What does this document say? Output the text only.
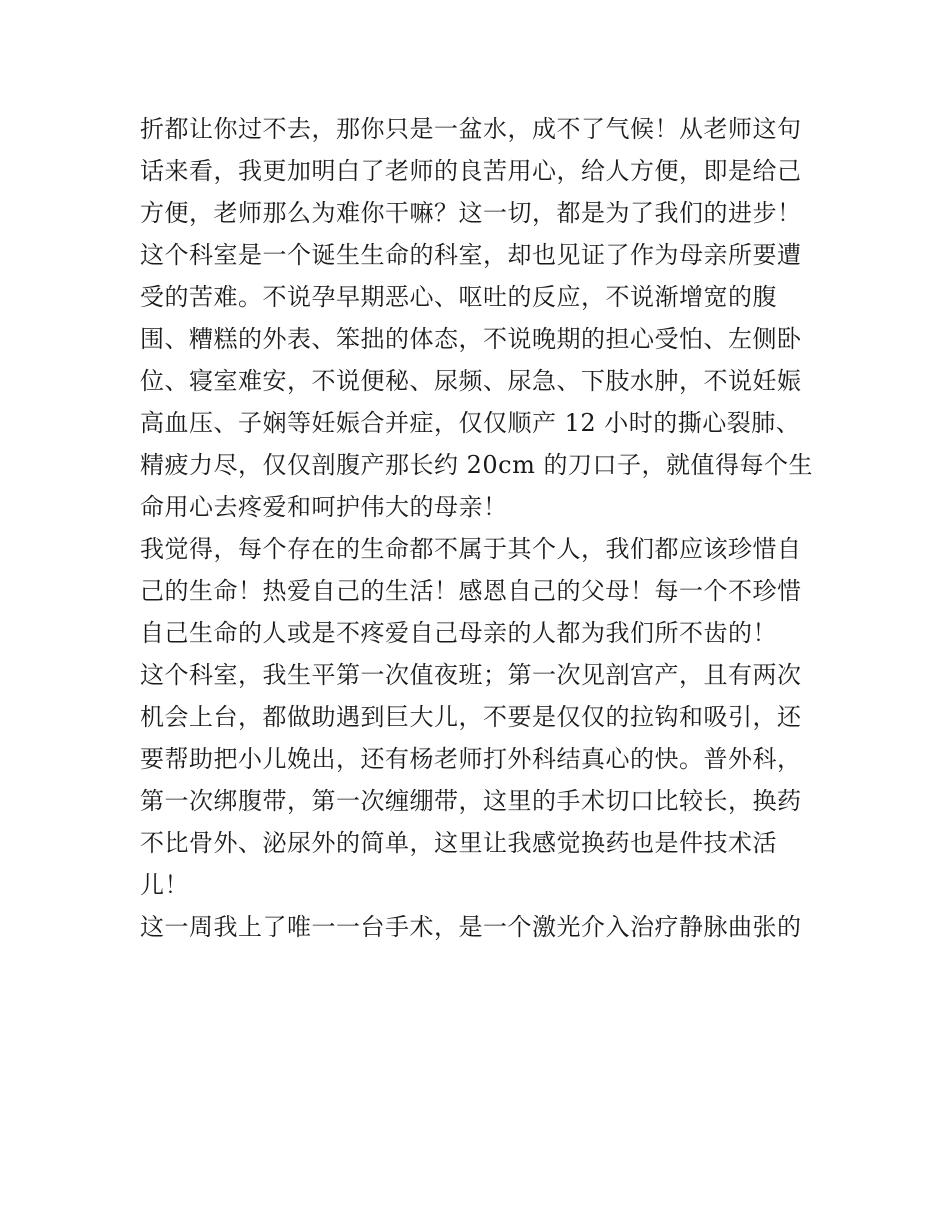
折都让你过不去，那你只是一盆水，成不了气候！从老师这句

话来看，我更加明白了老师的良苦用心，给人方便，即是给己

方便，老师那么为难你干嘛？这一切，都是为了我们的进步！

这个科室是一个诞生生命的科室，却也见证了作为母亲所要遭

受的苦难。不说孕早期恶心、呕吐的反应，不说渐增宽的腹

围、糟糕的外表、笨拙的体态，不说晚期的担心受怕、左侧卧

位、寝室难安，不说便秘、尿频、尿急、下肢水肿，不说妊娠

高血压、子娴等妊娠合并症，仅仅顺产 12 小时的撕心裂肺、

精疲力尽，仅仅剖腹产那长约 20cm 的刀口子，就值得每个生

命用心去疼爱和呵护伟大的母亲！

我觉得，每个存在的生命都不属于其个人，我们都应该珍惜自

己的生命！热爱自己的生活！感恩自己的父母！每一个不珍惜

自己生命的人或是不疼爱自己母亲的人都为我们所不齿的！

这个科室，我生平第一次值夜班；第一次见剖宫产，且有两次

机会上台，都做助遇到巨大儿，不要是仅仅的拉钩和吸引，还

要帮助把小儿娩出，还有杨老师打外科结真心的快。普外科，

第一次绑腹带，第一次缠绷带，这里的手术切口比较长，换药

不比骨外、泌尿外的简单，这里让我感觉换药也是件技术活

儿！

这一周我上了唯一一台手术，是一个激光介入治疗静脉曲张的
